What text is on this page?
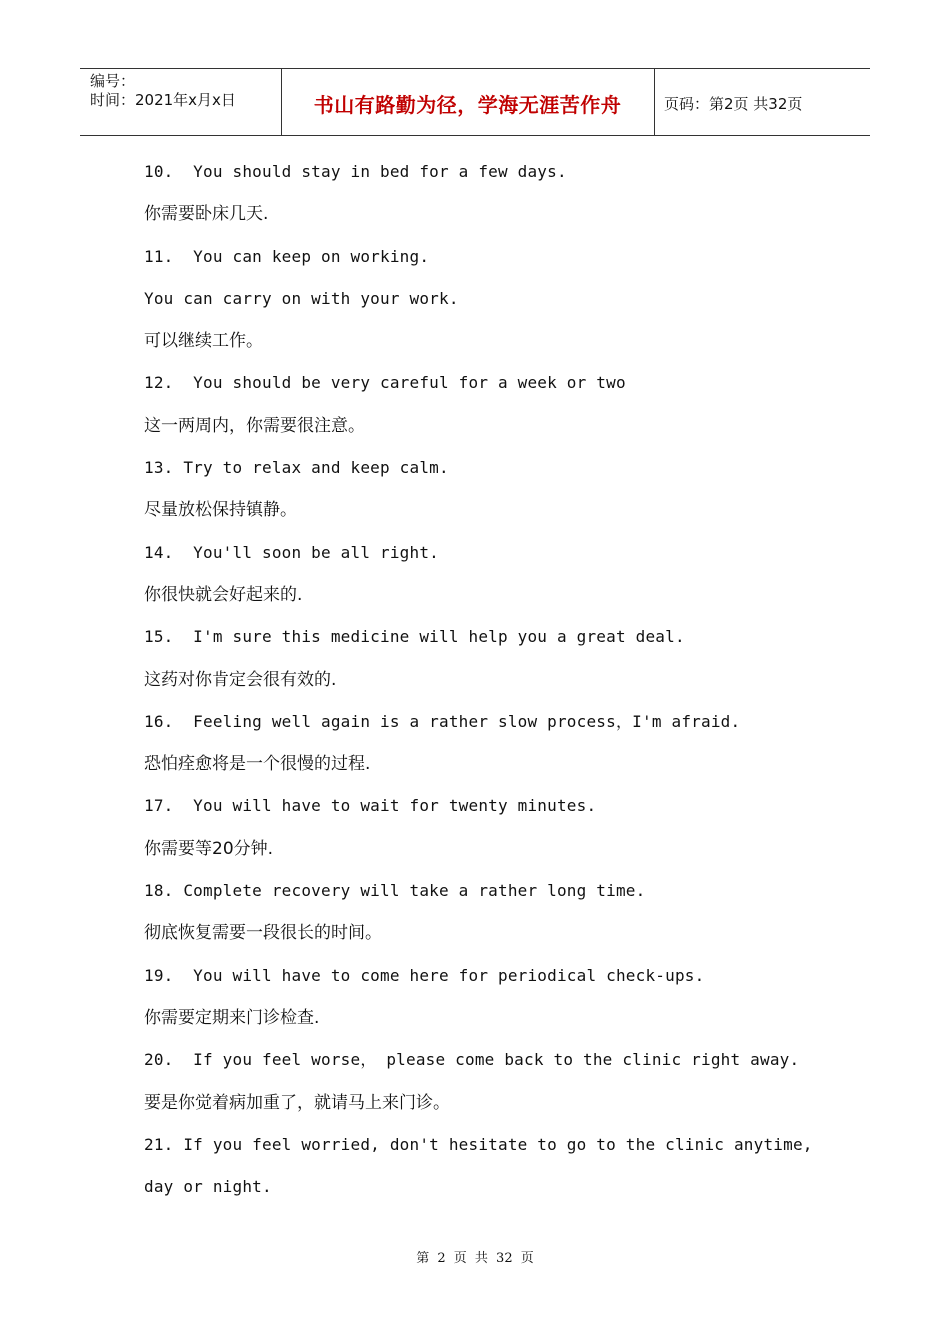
编号：
时间：2021年x月x日	书山有路勤为径，学海无涯苦作舟	页码：第2页 共32页
10.  You should stay in bed for a few days.
你需要卧床几天.
11.  You can keep on working.
You can carry on with your work.
可以继续工作。
12.  You should be very careful for a week or two
这一两周内，你需要很注意。
13. Try to relax and keep calm.
尽量放松保持镇静。
14.  You'll soon be all right.
你很快就会好起来的.
15.  I'm sure this medicine will help you a great deal.
这药对你肯定会很有效的.
16.  Feeling well again is a rather slow process，I'm afraid.
恐怕痊愈将是一个很慢的过程.
17.  You will have to wait for twenty minutes.
你需要等20分钟.
18. Complete recovery will take a rather long time.
彻底恢复需要一段很长的时间。
19.  You will have to come here for periodical check-ups.
你需要定期来门诊检查.
20.  If you feel worse， please come back to the clinic right away.
要是你觉着病加重了，就请马上来门诊。
21. If you feel worried, don't hesitate to go to the clinic anytime,
day or night.
第 2 页 共 32 页
